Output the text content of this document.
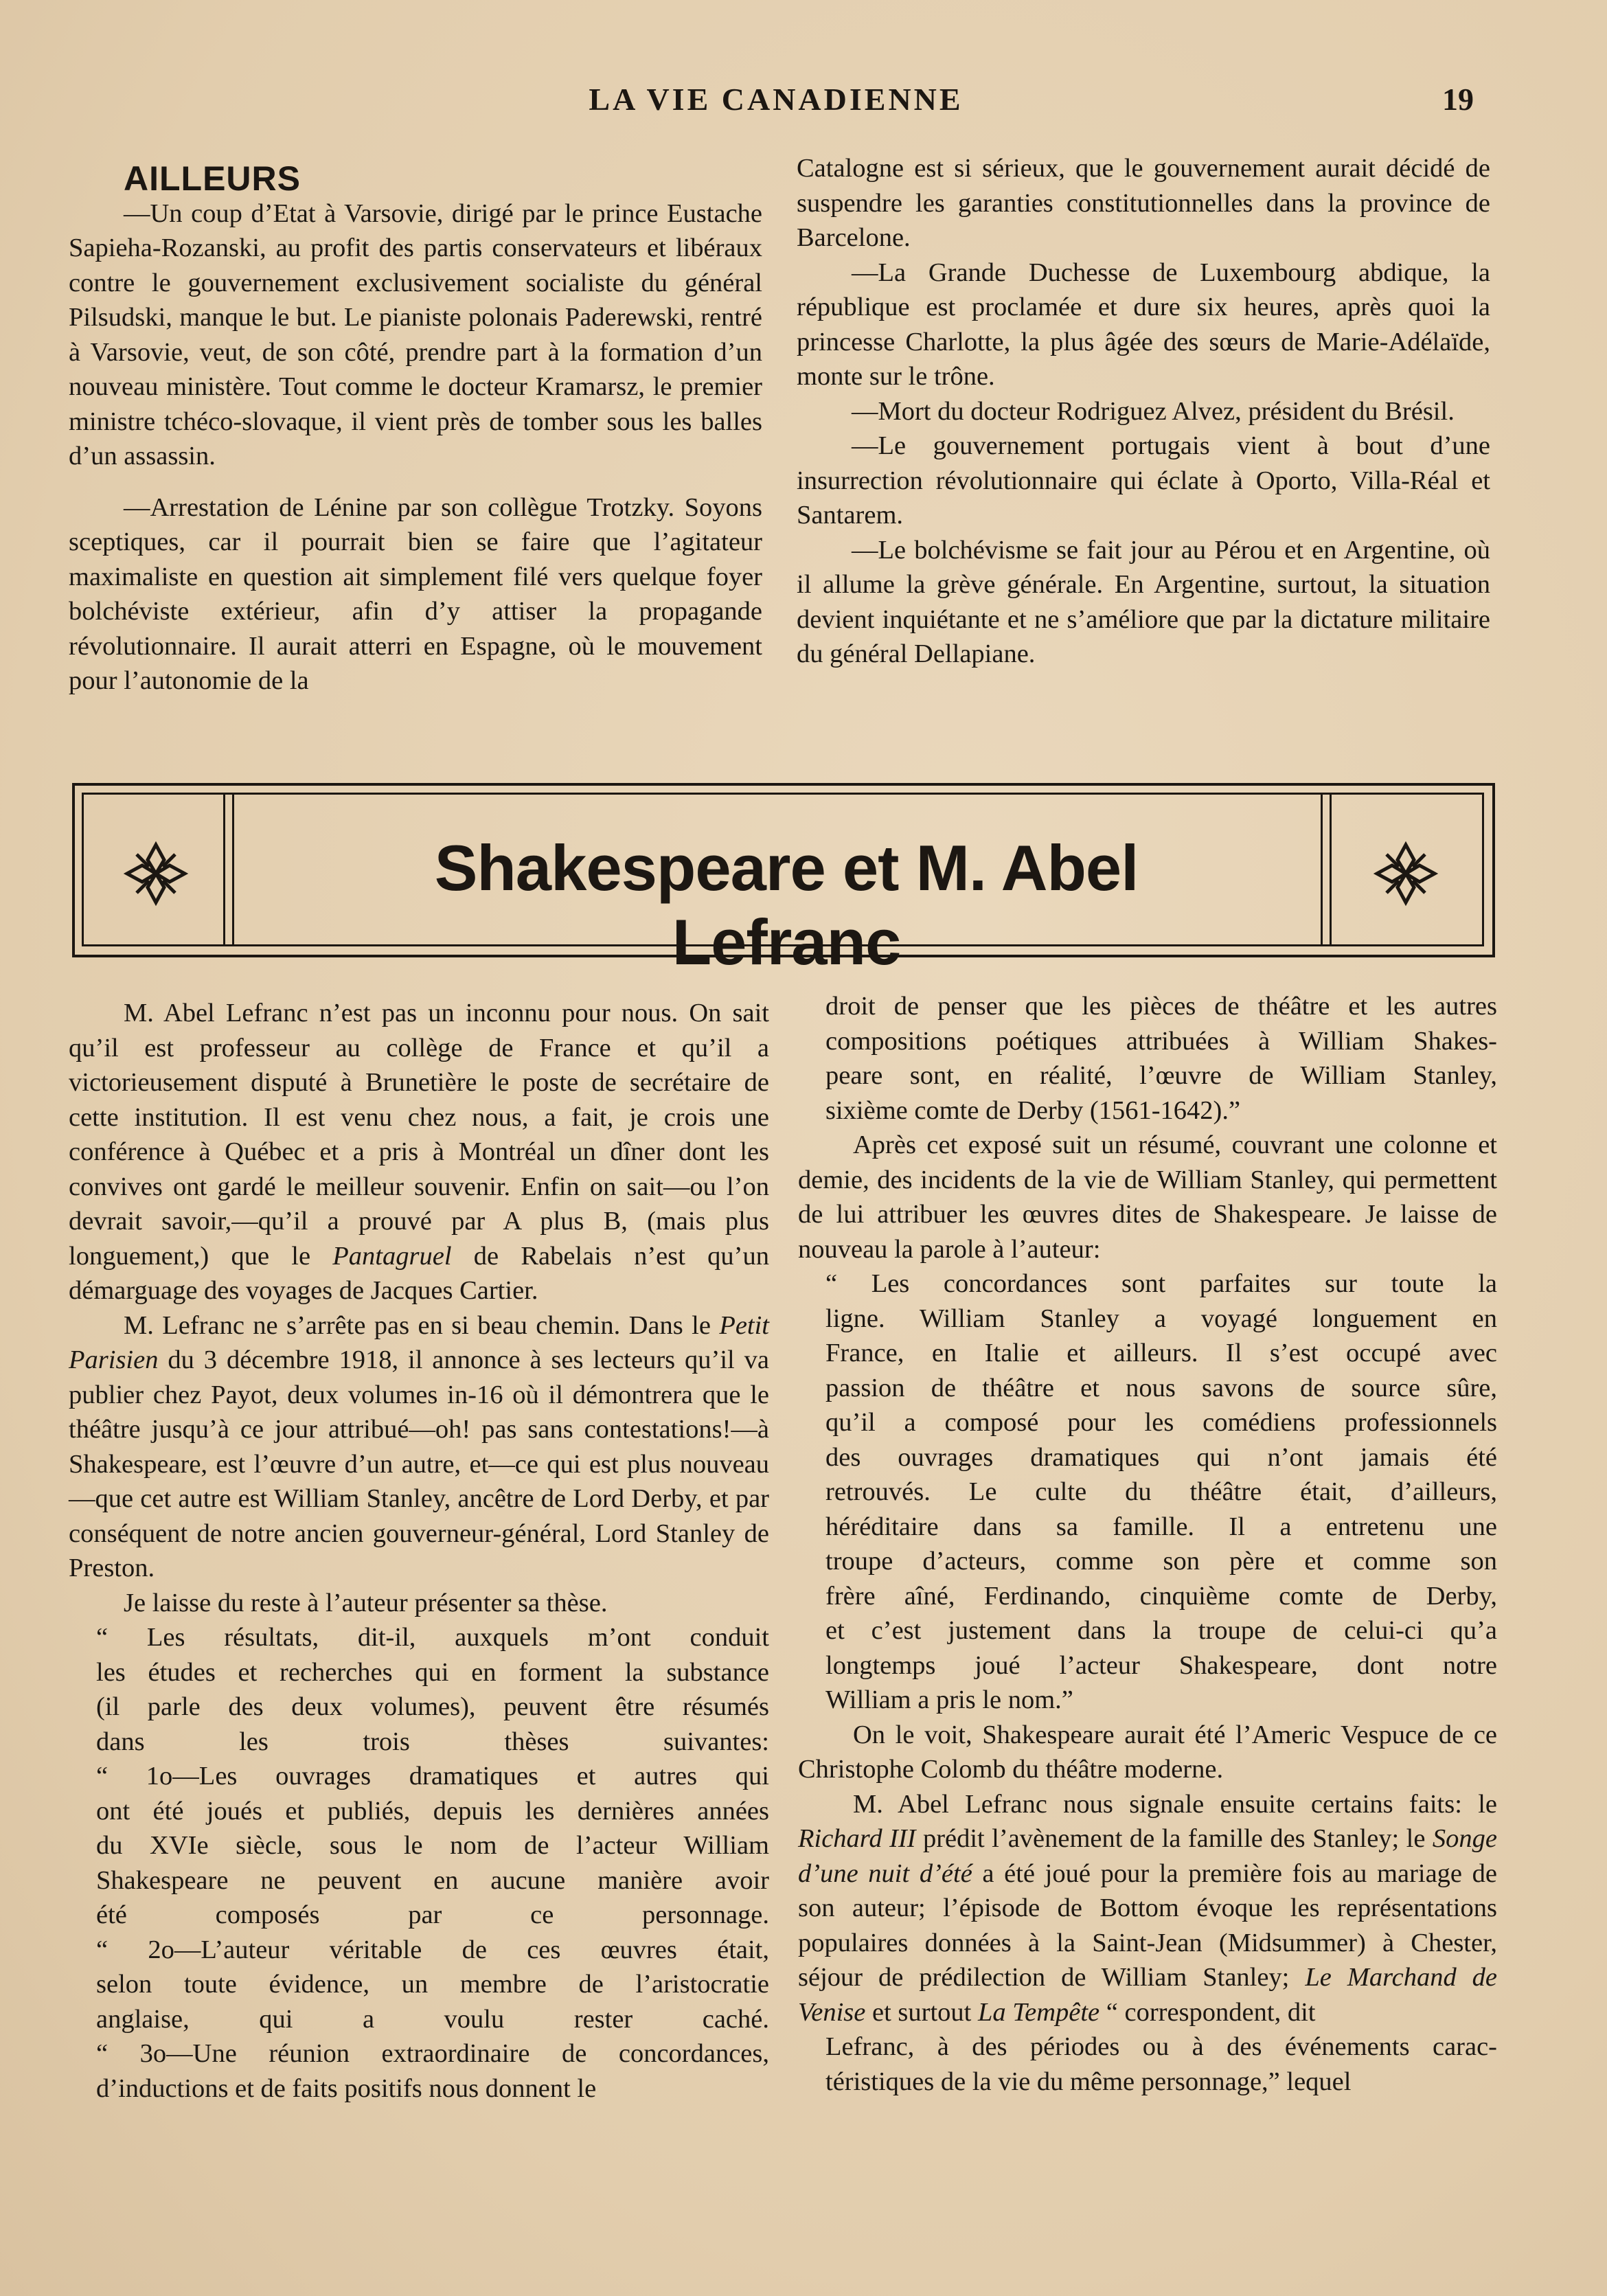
LA VIE CANADIENNE	19

AILLEURS

—Un coup d’Etat à Varsovie, dirigé par le prince Eustache Sapieha-Rozanski, au profit des partis conservateurs et libéraux contre le gouvernement exclusivement socialiste du général Pilsudski, manque le but. Le pianiste polonais Paderewski, rentré à Varsovie, veut, de son côté, prendre part à la formation d’un nouveau ministère. Tout comme le docteur Kramarsz, le premier ministre tchéco-slovaque, il vient près de tomber sous les balles d’un assassin.

—Arrestation de Lénine par son collègue Trotzky. Soyons sceptiques, car il pourrait bien se faire que l’agitateur maximaliste en question ait simplement filé vers quelque foyer bolchéviste extérieur, afin d’y attiser la propagande révolutionnaire. Il aurait atterri en Espagne, où le mouvement pour l’autonomie de la

Catalogne est si sérieux, que le gouvernement aurait décidé de suspendre les garanties constitutionnelles dans la province de Barcelone.

—La Grande Duchesse de Luxembourg abdique, la république est proclamée et dure six heures, après quoi la princesse Charlotte, la plus âgée des sœurs de Marie-Adélaïde, monte sur le trône.

—Mort du docteur Rodriguez Alvez, président du Brésil.

—Le gouvernement portugais vient à bout d’une insurrection révolutionnaire qui éclate à Oporto, Villa-Réal et Santarem.

—Le bolchévisme se fait jour au Pérou et en Argentine, où il allume la grève générale. En Argentine, surtout, la situation devient inquiétante et ne s’améliore que par la dictature militaire du général Dellapiane.

Shakespeare et M. Abel Lefranc

M. Abel Lefranc n’est pas un inconnu pour nous. On sait qu’il est professeur au collège de France et qu’il a victorieusement disputé à Brunetière le poste de secrétaire de cette institution. Il est venu chez nous, a fait, je crois une conférence à Québec et a pris à Montréal un dîner dont les convives ont gardé le meilleur souvenir. Enfin on sait—ou l’on devrait savoir,—qu’il a prouvé par A plus B, (mais plus longuement,) que le Pantagruel de Rabelais n’est qu’un démarguage des voyages de Jacques Cartier.

M. Lefranc ne s’arrête pas en si beau chemin. Dans le Petit Parisien du 3 décembre 1918, il annonce à ses lecteurs qu’il va publier chez Payot, deux volumes in-16 où il démontrera que le théâtre jusqu’à ce jour attribué—oh! pas sans contestations!—à Shakespeare, est l’œuvre d’un autre, et—ce qui est plus nouveau—que cet autre est William Stanley, ancêtre de Lord Derby, et par conséquent de notre ancien gouverneur-général, Lord Stanley de Preston.

Je laisse du reste à l’auteur présenter sa thèse.

“ Les résultats, dit-il, auxquels m’ont conduit
les études et recherches qui en forment la substance
(il parle des deux volumes), peuvent être résumés
dans les trois thèses suivantes:
“ 1o—Les ouvrages dramatiques et autres qui
ont été joués et publiés, depuis les dernières années
du XVIe siècle, sous le nom de l’acteur William
Shakespeare ne peuvent en aucune manière avoir
été composés par ce personnage.
“ 2o—L’auteur véritable de ces œuvres était,
selon toute évidence, un membre de l’aristocratie
anglaise, qui a voulu rester caché.
“ 3o—Une réunion extraordinaire de concordances,
d’inductions et de faits positifs nous donnent le
droit de penser que les pièces de théâtre et les autres
compositions poétiques attribuées à William Shakes-
peare sont, en réalité, l’œuvre de William Stanley,
sixième comte de Derby (1561-1642).”

Après cet exposé suit un résumé, couvrant une colonne et demie, des incidents de la vie de William Stanley, qui permettent de lui attribuer les œuvres dites de Shakespeare. Je laisse de nouveau la parole à l’auteur:

“ Les concordances sont parfaites sur toute la
ligne. William Stanley a voyagé longuement en
France, en Italie et ailleurs. Il s’est occupé avec
passion de théâtre et nous savons de source sûre,
qu’il a composé pour les comédiens professionnels
des ouvrages dramatiques qui n’ont jamais été
retrouvés. Le culte du théâtre était, d’ailleurs,
héréditaire dans sa famille. Il a entretenu une
troupe d’acteurs, comme son père et comme son
frère aîné, Ferdinando, cinquième comte de Derby,
et c’est justement dans la troupe de celui-ci qu’a
longtemps joué l’acteur Shakespeare, dont notre
William a pris le nom.”

On le voit, Shakespeare aurait été l’Americ Vespuce de ce Christophe Colomb du théâtre moderne.

M. Abel Lefranc nous signale ensuite certains faits: le Richard III prédit l’avènement de la famille des Stanley; le Songe d’une nuit d’été a été joué pour la première fois au mariage de son auteur; l’épisode de Bottom évoque les représentations populaires données à la Saint-Jean (Midsummer) à Chester, séjour de prédilection de William Stanley; Le Marchand de Venise et surtout La Tempête “ correspondent, dit

Lefranc, à des périodes ou à des événements carac-
téristiques de la vie du même personnage,” lequel
